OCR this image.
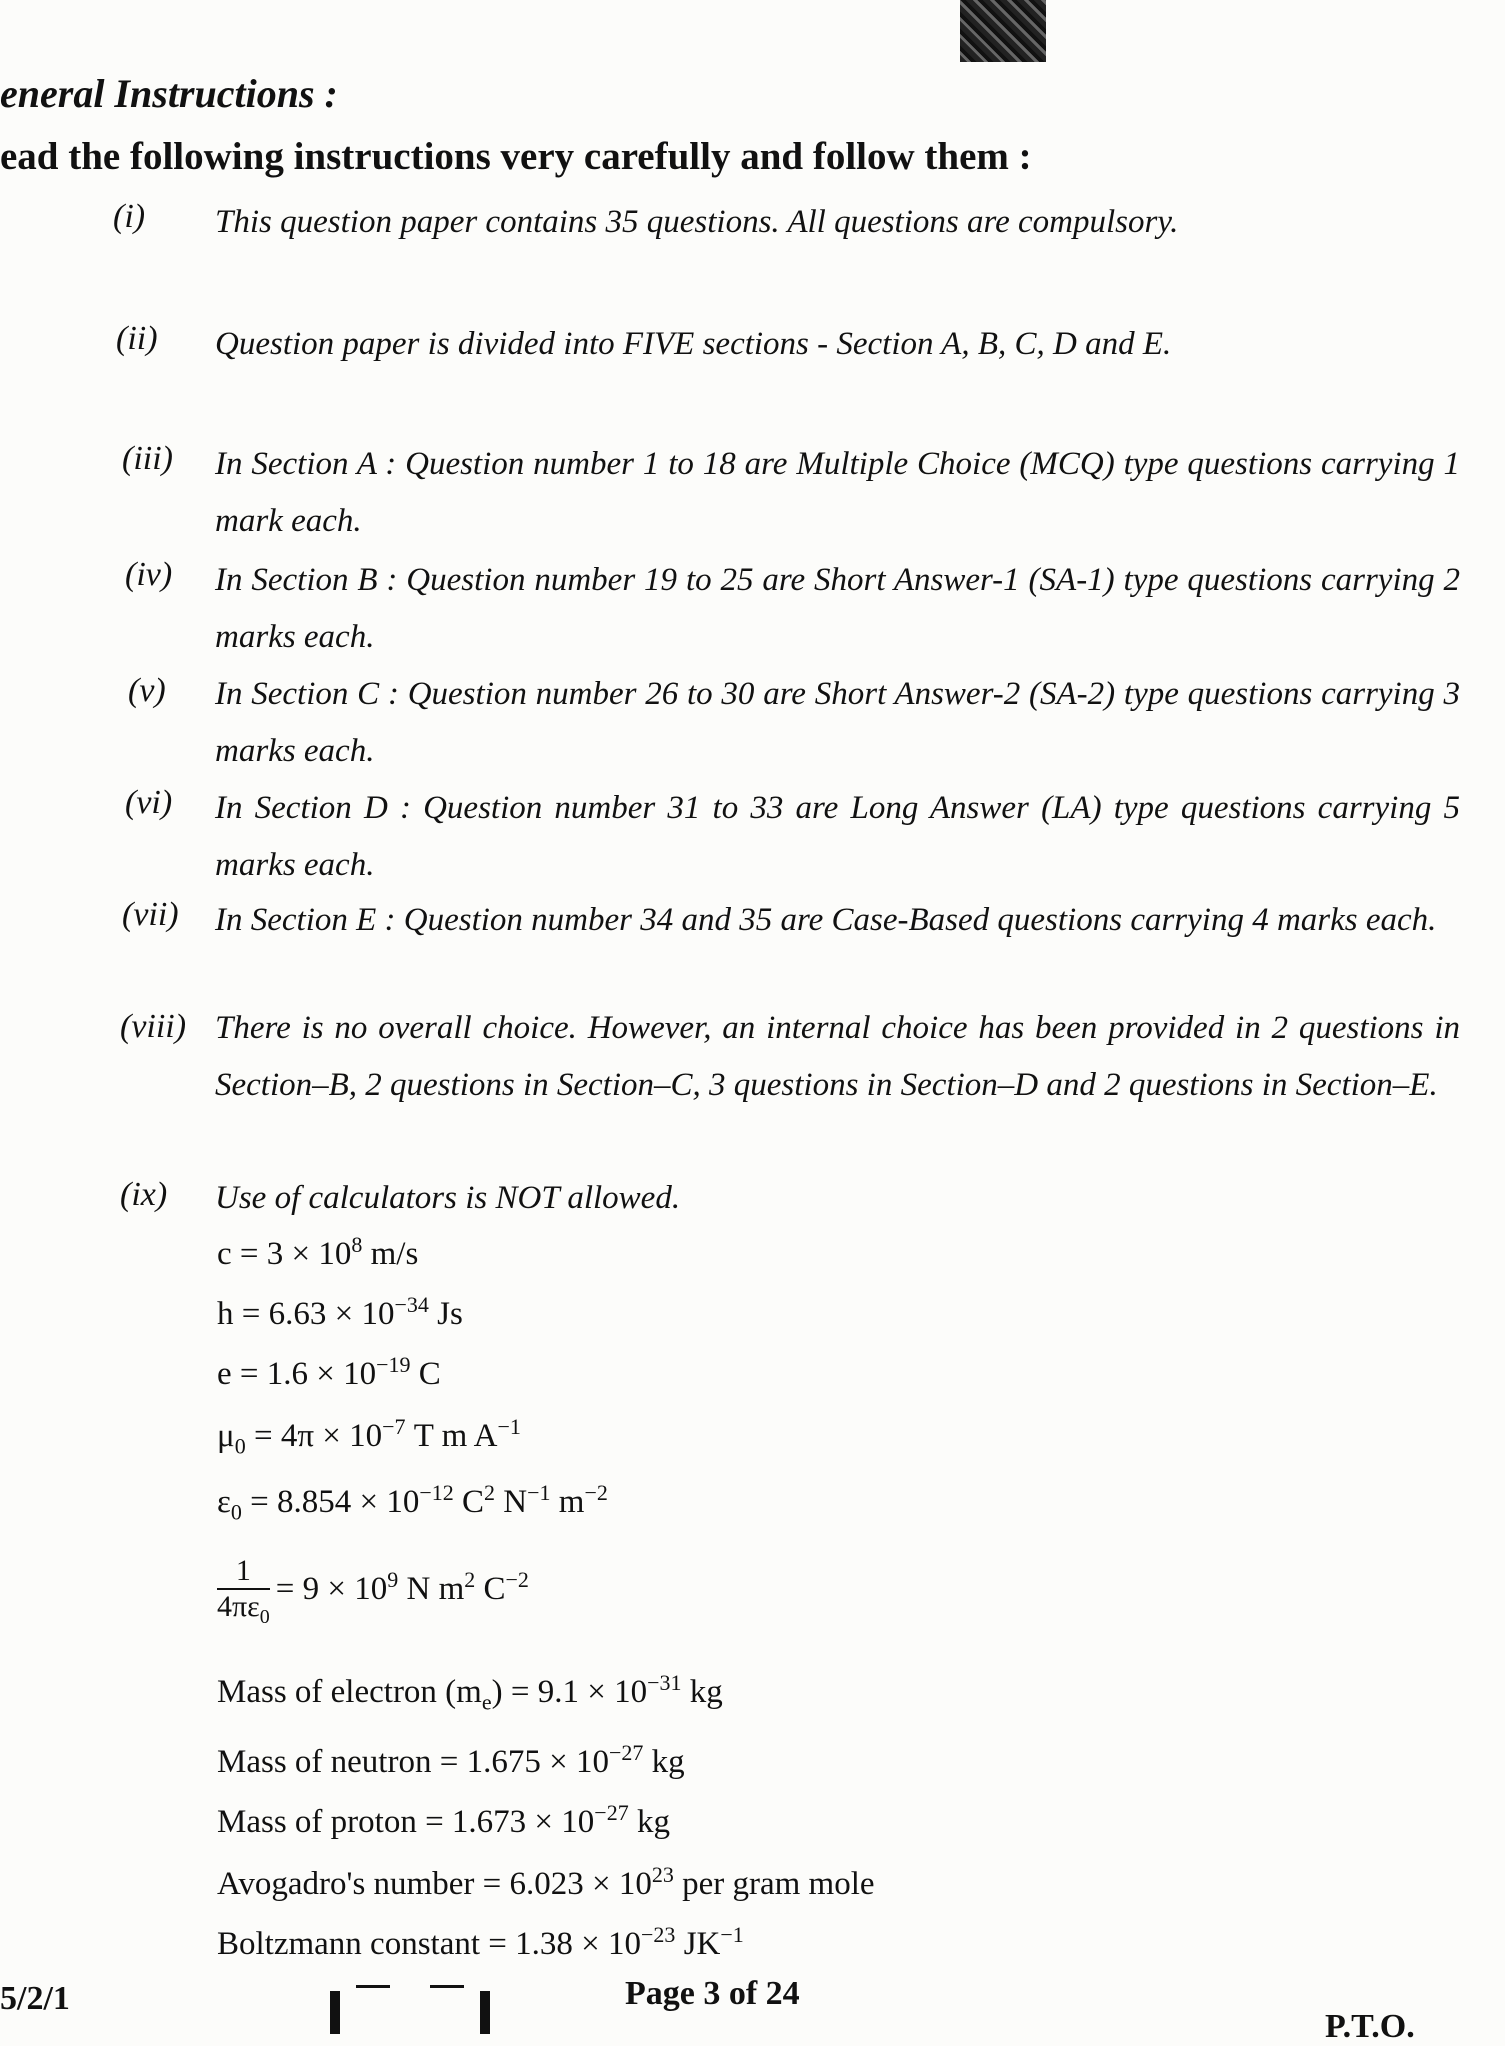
eneral Instructions :
ead the following instructions very carefully and follow them :
(i) This question paper contains 35 questions. All questions are compulsory.
(ii) Question paper is divided into FIVE sections - Section A, B, C, D and E.
(iii) In Section A : Question number 1 to 18 are Multiple Choice (MCQ) type questions carrying 1 mark each.
(iv) In Section B : Question number 19 to 25 are Short Answer-1 (SA-1) type questions carrying 2 marks each.
(v) In Section C : Question number 26 to 30 are Short Answer-2 (SA-2) type questions carrying 3 marks each.
(vi) In Section D : Question number 31 to 33 are Long Answer (LA) type questions carrying 5 marks each.
(vii) In Section E : Question number 34 and 35 are Case-Based questions carrying 4 marks each.
(viii) There is no overall choice. However, an internal choice has been provided in 2 questions in Section–B, 2 questions in Section–C, 3 questions in Section–D and 2 questions in Section–E.
(ix) Use of calculators is NOT allowed.
$c = 3 \times 10^8$ m/s
$h = 6.63 \times 10^{-34}$ Js
$e = 1.6 \times 10^{-19}$ C
$\mu_0 = 4\pi \times 10^{-7}$ T m $A^{-1}$
$\varepsilon_0 = 8.854 \times 10^{-12}$ $C^2$ $N^{-1}$ $m^{-2}$
$\frac{1}{4\pi\varepsilon_0} = 9 \times 10^9$ N $m^2$ $C^{-2}$
Mass of electron $(m_e) = 9.1 \times 10^{-31}$ kg
Mass of neutron = $1.675 \times 10^{-27}$ kg
Mass of proton = $1.673 \times 10^{-27}$ kg
Avogadro's number = $6.023 \times 10^{23}$ per gram mole
Boltzmann constant = $1.38 \times 10^{-23}$ $JK^{-1}$
5/2/1	Page 3 of 24
P.T.O.
